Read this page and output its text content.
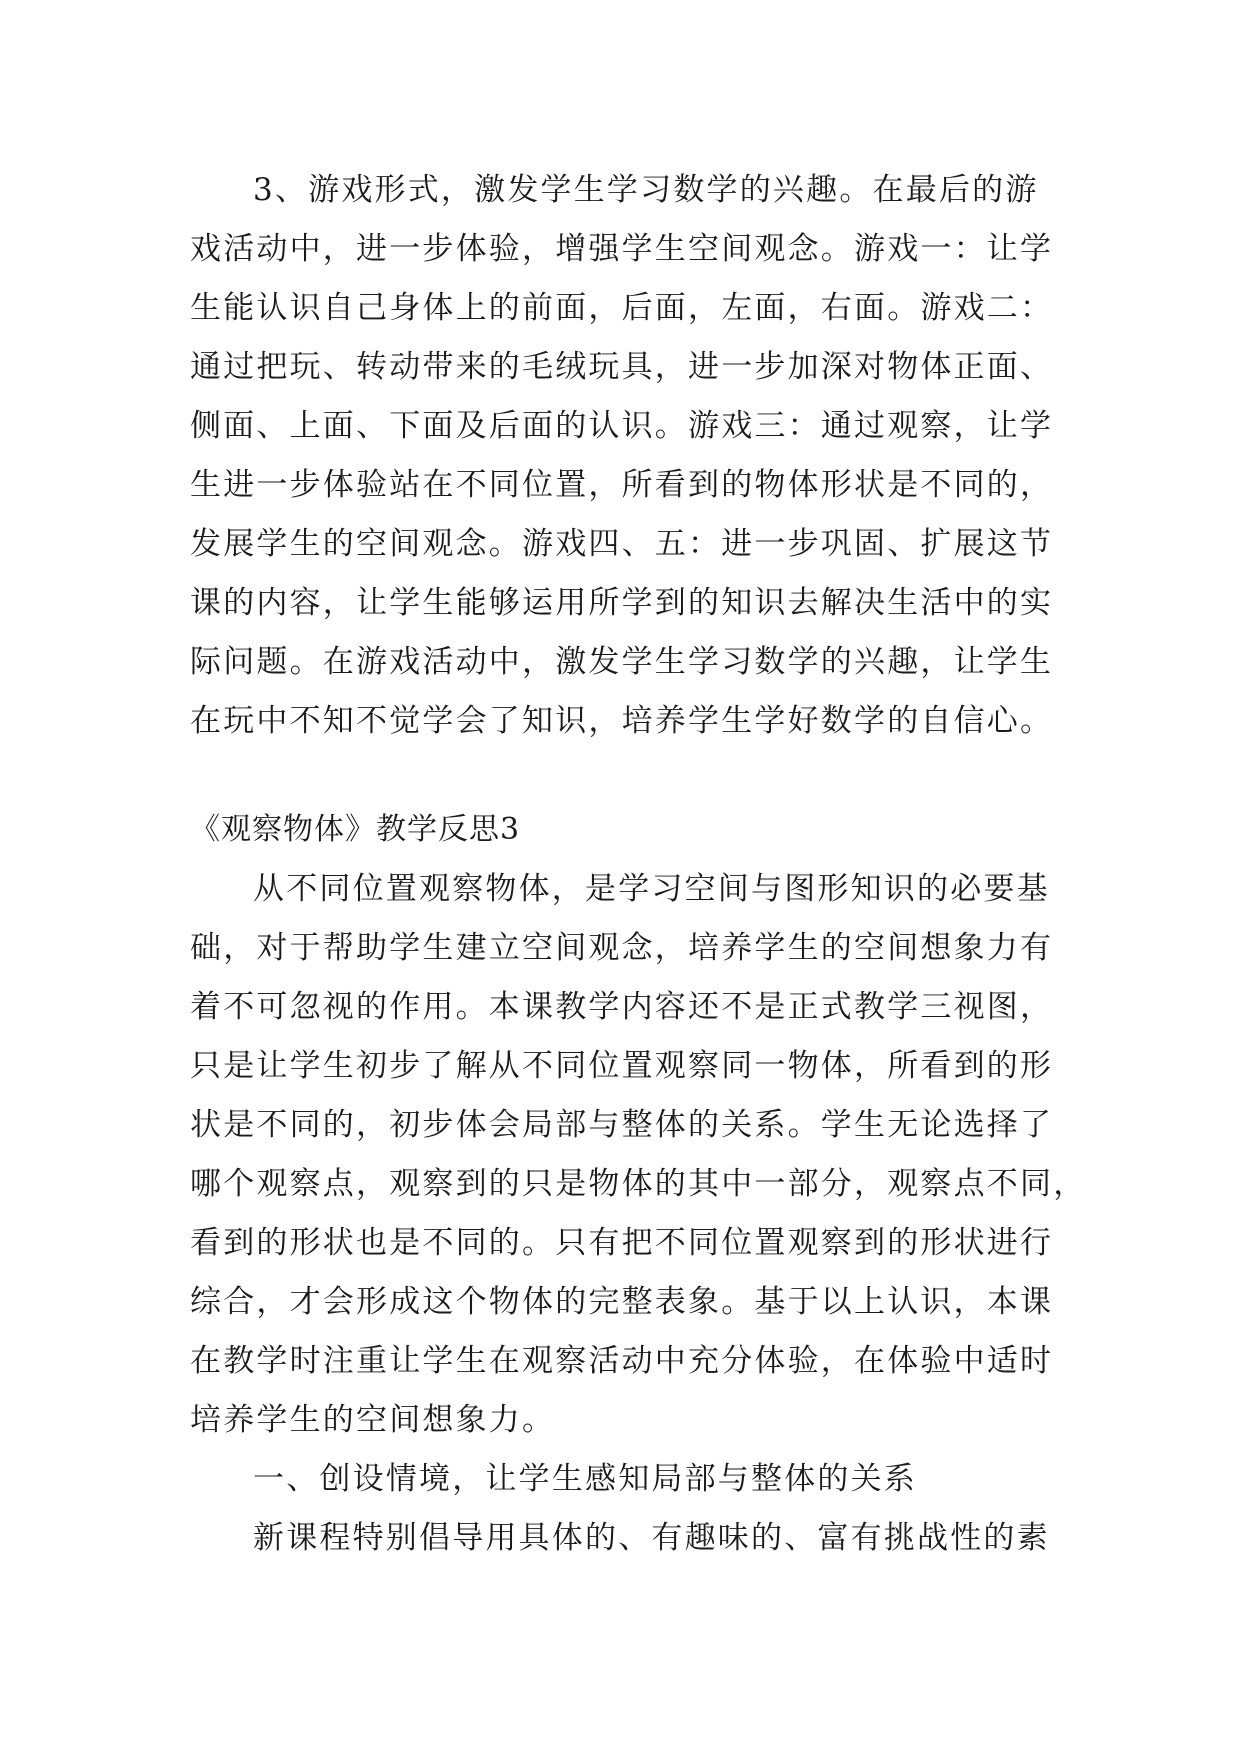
3、游戏形式，激发学生学习数学的兴趣。在最后的游

戏活动中，进一步体验，增强学生空间观念。游戏一：让学

生能认识自己身体上的前面，后面，左面，右面。游戏二：

通过把玩、转动带来的毛绒玩具，进一步加深对物体正面、

侧面、上面、下面及后面的认识。游戏三：通过观察，让学

生进一步体验站在不同位置，所看到的物体形状是不同的，

发展学生的空间观念。游戏四、五：进一步巩固、扩展这节

课的内容，让学生能够运用所学到的知识去解决生活中的实

际问题。在游戏活动中，激发学生学习数学的兴趣，让学生

在玩中不知不觉学会了知识，培养学生学好数学的自信心。

《观察物体》教学反思3

从不同位置观察物体，是学习空间与图形知识的必要基

础，对于帮助学生建立空间观念，培养学生的空间想象力有

着不可忽视的作用。本课教学内容还不是正式教学三视图，

只是让学生初步了解从不同位置观察同一物体，所看到的形

状是不同的，初步体会局部与整体的关系。学生无论选择了

哪个观察点，观察到的只是物体的其中一部分，观察点不同，

看到的形状也是不同的。只有把不同位置观察到的形状进行

综合，才会形成这个物体的完整表象。基于以上认识，本课

在教学时注重让学生在观察活动中充分体验，在体验中适时

培养学生的空间想象力。

一、创设情境，让学生感知局部与整体的关系

新课程特别倡导用具体的、有趣味的、富有挑战性的素
